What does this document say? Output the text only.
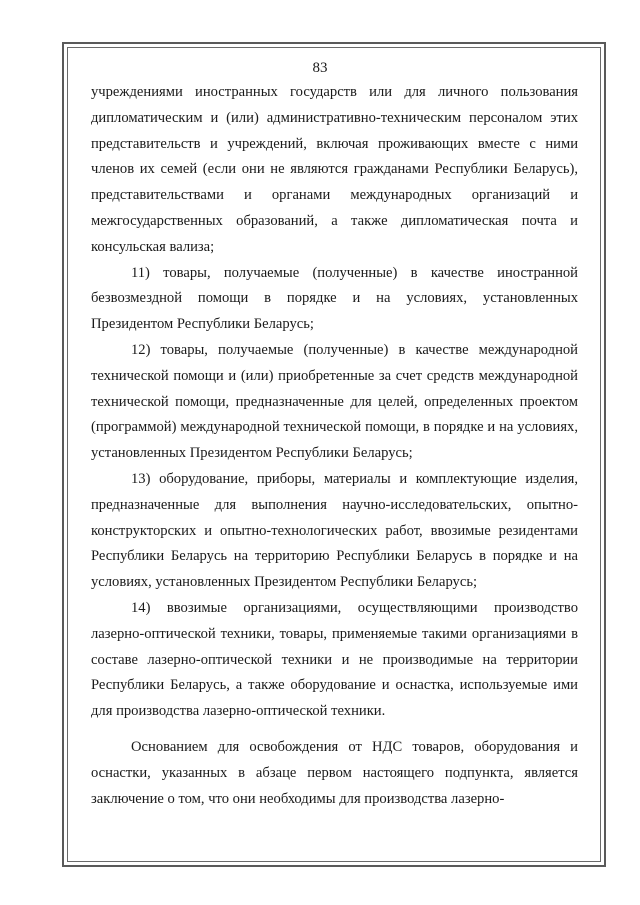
83

учреждениями иностранных государств или для личного пользования дипломатическим и (или) административно-техническим персоналом этих представительств и учреждений, включая проживающих вместе с ними членов их семей (если они не являются гражданами Республики Беларусь), представительствами и органами международных организаций и межгосударственных образований, а также дипломатическая почта и консульская вализа;

11) товары, получаемые (полученные) в качестве иностранной безвозмездной помощи в порядке и на условиях, установленных Президентом Республики Беларусь;

12) товары, получаемые (полученные) в качестве международной технической помощи и (или) приобретенные за счет средств международной технической помощи, предназначенные для целей, определенных проектом (программой) международной технической помощи, в порядке и на условиях, установленных Президентом Республики Беларусь;

13) оборудование, приборы, материалы и комплектующие изделия, предназначенные для выполнения научно-исследовательских, опытно-конструкторских и опытно-технологических работ, ввозимые резидентами Республики Беларусь на территорию Республики Беларусь в порядке и на условиях, установленных Президентом Республики Беларусь;

14) ввозимые организациями, осуществляющими производство лазерно-оптической техники, товары, применяемые такими организациями в составе лазерно-оптической техники и не производимые на территории Республики Беларусь, а также оборудование и оснастка, используемые ими для производства лазерно-оптической техники.

Основанием для освобождения от НДС товаров, оборудования и оснастки, указанных в абзаце первом настоящего подпункта, является заключение о том, что они необходимы для производства лазерно-
